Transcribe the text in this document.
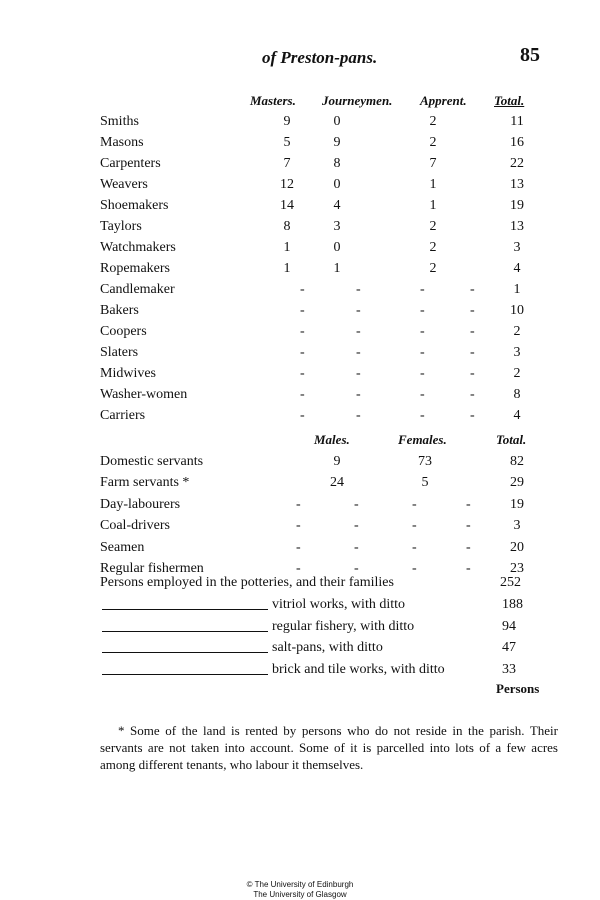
of Preston-pans.	85
Masters. Journeymen. Apprent. Total.
Smiths	9	0	2	11
Masons	5	9	2	16
Carpenters	7	8	7	22
Weavers	12	0	1	13
Shoemakers	14	4	1	19
Taylors	8	3	2	13
Watchmakers	1	0	2	3
Ropemakers	1	1	2	4
Candlemaker	-	-	-	-	1
Bakers	-	-	-	-	10
Coopers	-	-	-	-	2
Slaters	-	-	-	-	3
Midwives	-	-	-	-	2
Washer-women	-	-	-	-	8
Carriers	-	-	-	-	4
Males.	Females.	Total.
Domestic servants	9	73	82
Farm servants *	24	5	29
Day-labourers	-	-	-	-	19
Coal-drivers	-	-	-	-	3
Seamen	-	-	-	-	20
Regular fishermen	-	-	-	-	23
Persons employed in the potteries, and their families	252
vitriol works, with ditto	188
regular fishery, with ditto	94
salt-pans, with ditto	47
brick and tile works, with ditto	33
Persons
* Some of the land is rented by persons who do not reside in the parish. Their servants are not taken into account. Some of it is parcelled into lots of a few acres among different tenants, who labour it themselves.
© The University of Edinburgh
The University of Glasgow
